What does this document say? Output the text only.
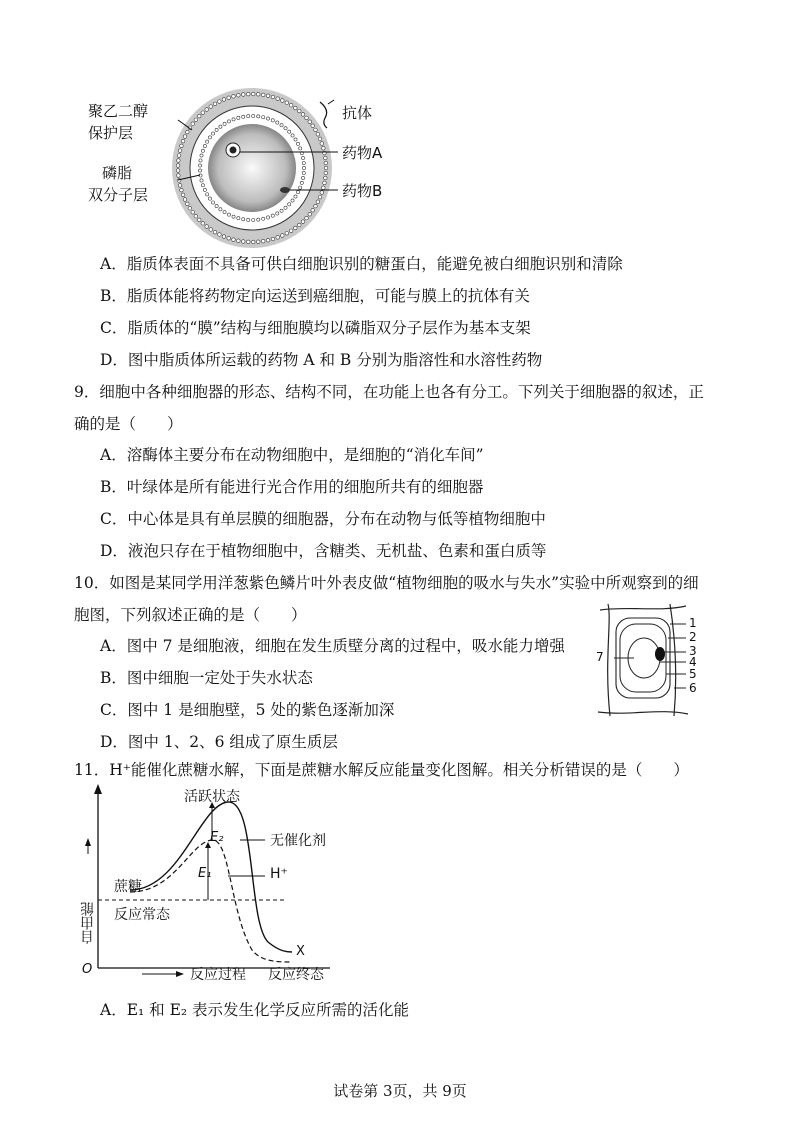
聚乙二醇
保护层
磷脂
双分子层
抗体
药物A
药物B
A．脂质体表面不具备可供白细胞识别的糖蛋白，能避免被白细胞识别和清除
B．脂质体能将药物定向运送到癌细胞，可能与膜上的抗体有关
C．脂质体的“膜”结构与细胞膜均以磷脂双分子层作为基本支架
D．图中脂质体所运载的药物 A 和 B 分别为脂溶性和水溶性药物
9．细胞中各种细胞器的形态、结构不同，在功能上也各有分工。下列关于细胞器的叙述，正
确的是（　　）
A．溶酶体主要分布在动物细胞中，是细胞的“消化车间”
B．叶绿体是所有能进行光合作用的细胞所共有的细胞器
C．中心体是具有单层膜的细胞器，分布在动物与低等植物细胞中
D．液泡只存在于植物细胞中，含糖类、无机盐、色素和蛋白质等
10．如图是某同学用洋葱紫色鳞片叶外表皮做“植物细胞的吸水与失水”实验中所观察到的细
胞图，下列叙述正确的是（　　）
A．图中 7 是细胞液，细胞在发生质壁分离的过程中，吸水能力增强
B．图中细胞一定处于失水状态
C．图中 1 是细胞壁，5 处的紫色逐渐加深
D．图中 1、2、6 组成了原生质层
1
2
3
4
5
6
7
11．H⁺能催化蔗糖水解，下面是蔗糖水解反应能量变化图解。相关分析错误的是（　　）
活跃状态
无催化剂
H⁺
E₂
E₁
蔗糖
反应常态
自由能
O	反应过程 反应终态
X
A．E₁ 和 E₂ 表示发生化学反应所需的活化能
试卷第 3页，共 9页
